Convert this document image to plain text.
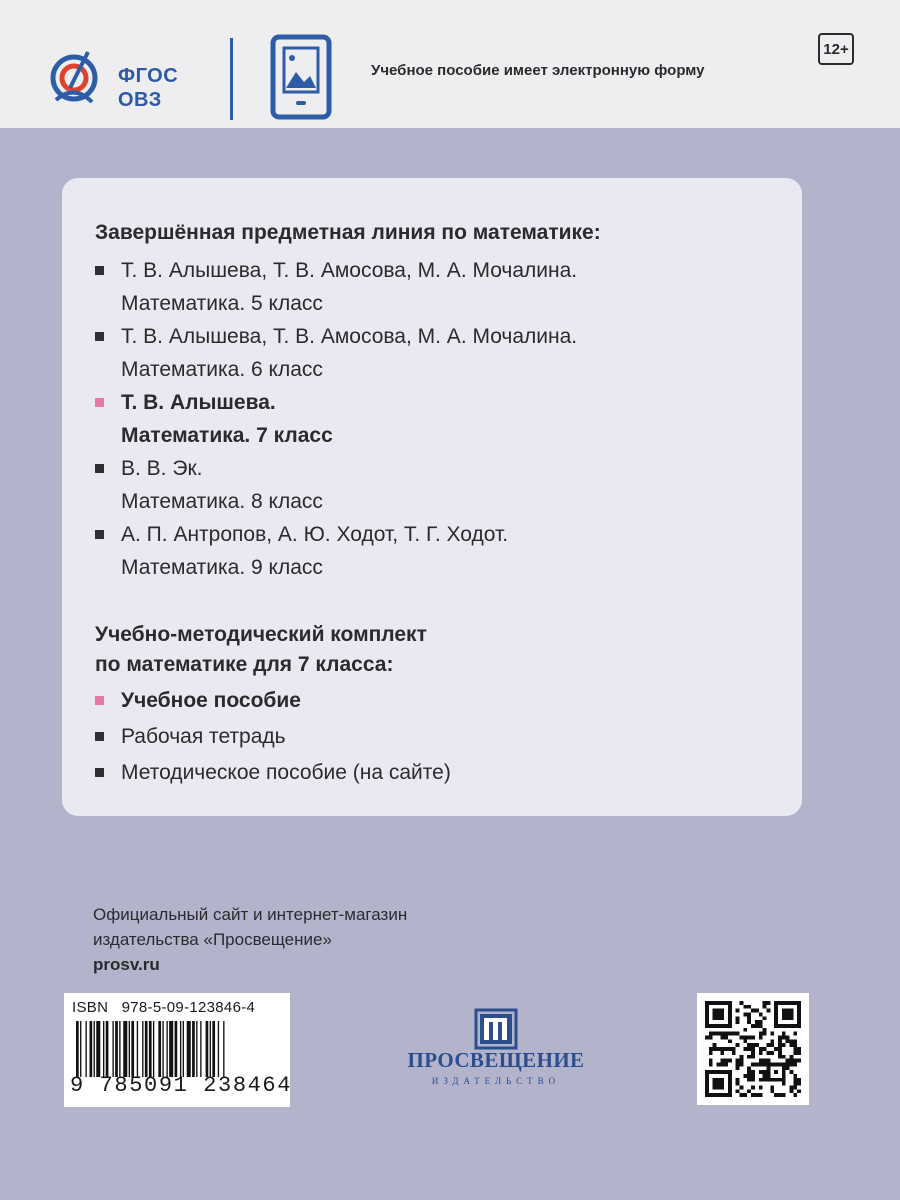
ФГОС
ОВЗ
Учебное пособие имеет электронную форму
12+
Завершённая предметная линия по математике:
Т. В. Алышева, Т. В. Амосова, М. А. Мочалина.
Математика. 5 класс
Т. В. Алышева, Т. В. Амосова, М. А. Мочалина.
Математика. 6 класс
Т. В. Алышева.
Математика. 7 класс
В. В. Эк.
Математика. 8 класс
А. П. Антропов, А. Ю. Ходот, Т. Г. Ходот.
Математика. 9 класс
Учебно-методический комплект
по математике для 7 класса:
Учебное пособие
Рабочая тетрадь
Методическое пособие (на сайте)
Официальный сайт и интернет-магазин
издательства «Просвещение»
prosv.ru
ISBN 978-5-09-123846-4
9 785091 238464
ПРОСВЕЩЕНИЕ
ИЗДАТЕЛЬСТВО
